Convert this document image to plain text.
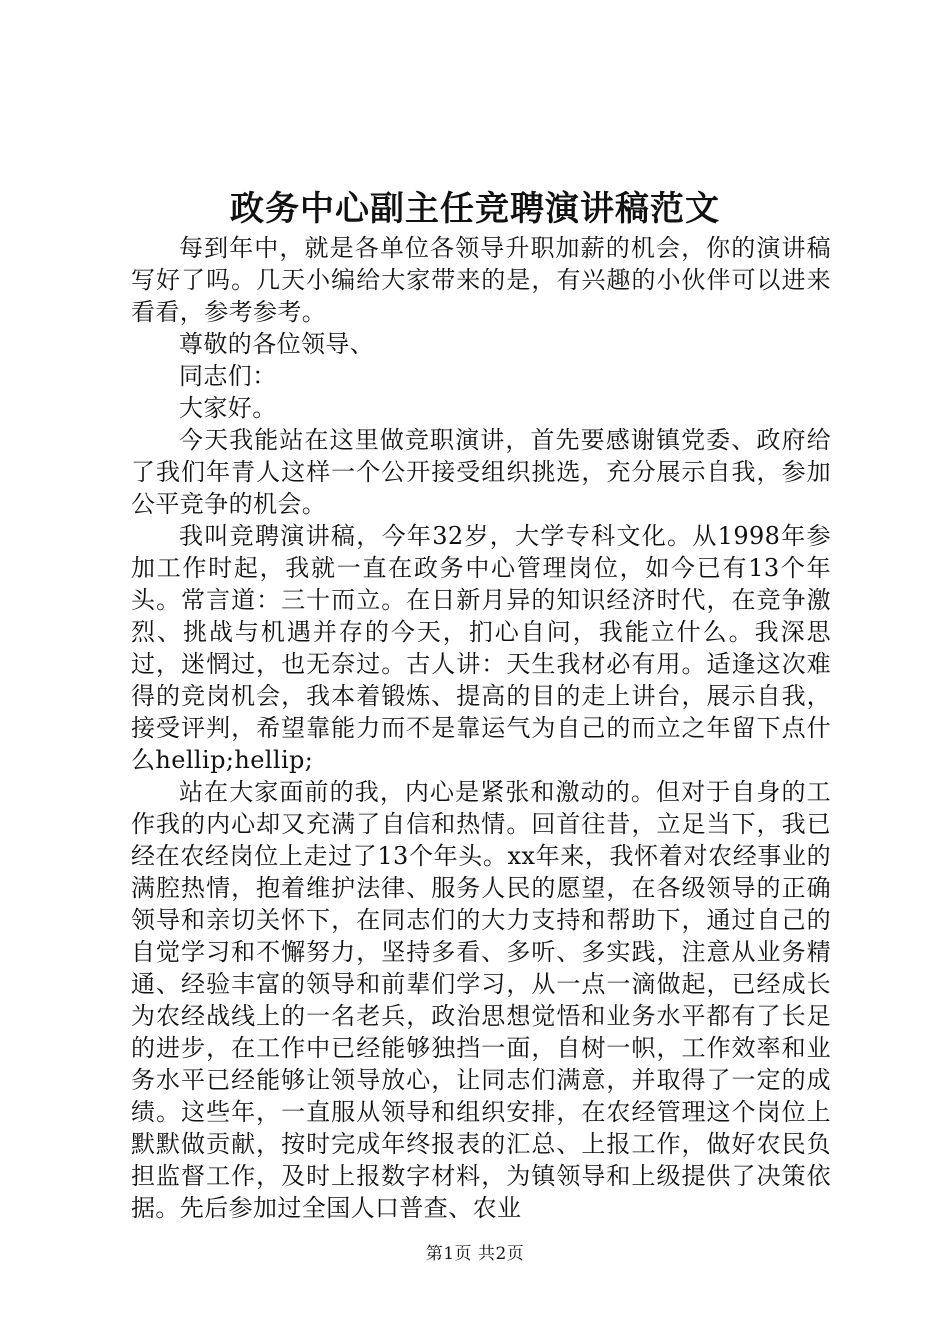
政务中心副主任竞聘演讲稿范文

每到年中，就是各单位各领导升职加薪的机会，你的演讲稿写好了吗。几天小编给大家带来的是，有兴趣的小伙伴可以进来看看，参考参考。

尊敬的各位领导、

同志们：

大家好。

今天我能站在这里做竞职演讲，首先要感谢镇党委、政府给了我们年青人这样一个公开接受组织挑选，充分展示自我，参加公平竞争的机会。

我叫竞聘演讲稿，今年32岁，大学专科文化。从1998年参加工作时起，我就一直在政务中心管理岗位，如今已有13个年头。常言道：三十而立。在日新月异的知识经济时代，在竞争激烈、挑战与机遇并存的今天，扪心自问，我能立什么。我深思过，迷惘过，也无奈过。古人讲：天生我材必有用。适逢这次难得的竞岗机会，我本着锻炼、提高的目的走上讲台，展示自我，接受评判，希望靠能力而不是靠运气为自己的而立之年留下点什么hellip;hellip;

站在大家面前的我，内心是紧张和激动的。但对于自身的工作我的内心却又充满了自信和热情。回首往昔，立足当下，我已经在农经岗位上走过了13个年头。xx年来，我怀着对农经事业的满腔热情，抱着维护法律、服务人民的愿望，在各级领导的正确领导和亲切关怀下，在同志们的大力支持和帮助下，通过自己的自觉学习和不懈努力，坚持多看、多听、多实践，注意从业务精通、经验丰富的领导和前辈们学习，从一点一滴做起，已经成长为农经战线上的一名老兵，政治思想觉悟和业务水平都有了长足的进步，在工作中已经能够独挡一面，自树一帜，工作效率和业务水平已经能够让领导放心，让同志们满意，并取得了一定的成绩。这些年，一直服从领导和组织安排，在农经管理这个岗位上默默做贡献，按时完成年终报表的汇总、上报工作，做好农民负担监督工作，及时上报数字材料，为镇领导和上级提供了决策依据。先后参加过全国人口普查、农业

第1页 共2页
